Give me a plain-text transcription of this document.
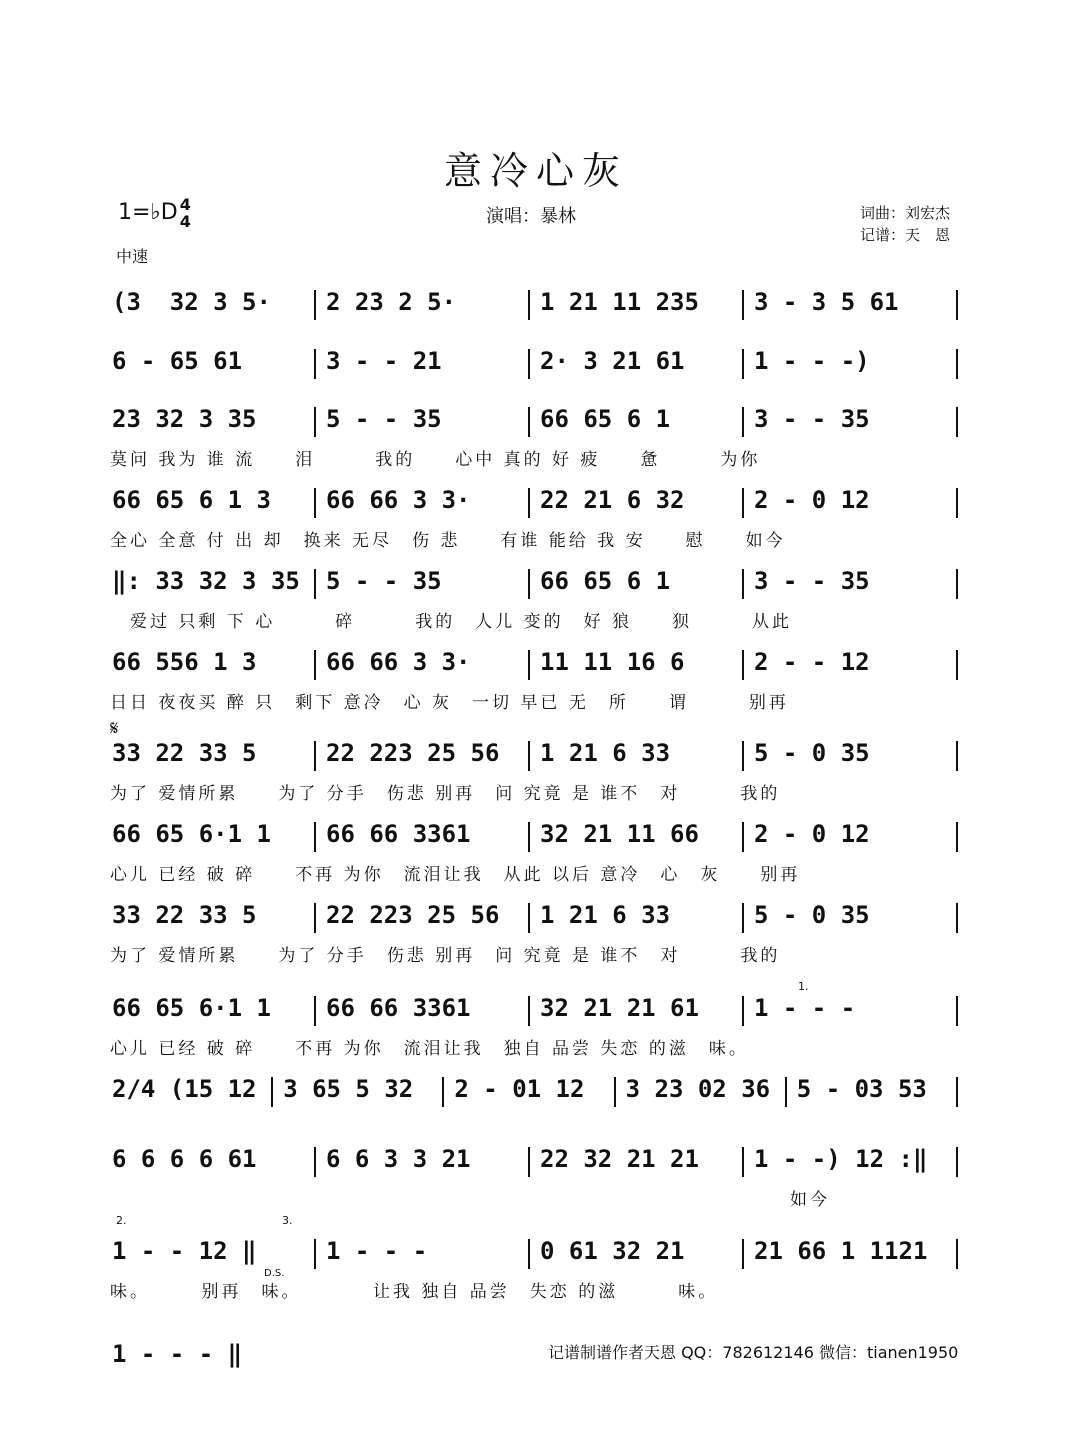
意冷心灰
1=♭D 4
4
中速
演唱：暴林	词曲：刘宏杰
记谱：天　恩
(3  32 3 5· 2 23 2 5·	1 21 11 235 3 - 3 5 61
6 - 65 61	3 - - 21	2· 3 21 61	1 - - -)
23 32 3 35	5 - - 35	66 65 6 1	3 - - 35
莫问 我为 谁 流　　泪　　　我的　　心中 真的 好 疲　　惫　　　为你
66 65 6 1 3 66 66 3 3·	22 21 6 32	2 - 0 12
全心 全意 付 出 却　换来 无尽　伤 悲　　有谁 能给 我 安　　慰　　如今
‖: 33 32 3 35 5 - - 35	66 65 6 1	3 - - 35
　爱过 只剩 下 心　　　碎　　　我的　人儿 变的　好 狼　　狈　　　从此
66 556 1 3	66 66 3 3·	11 11 16 6	2 - - 12
日日 夜夜买 醉 只　剩下 意冷　心 灰　一切 早已 无　所　　谓　　　别再
33 22 33 5	22 223 25 56 1 21 6 33	5 - 0 35
为了 爱情所累　　为了 分手　伤悲 别再　问 究竟 是 谁不　对　　　我的
66 65 6·1 1 66 66 3361	32 21 11 66 2 - 0 12
心儿 已经 破 碎　　不再 为你　流泪让我　从此 以后 意冷　心　灰　　别再
33 22 33 5	22 223 25 56 1 21 6 33	5 - 0 35
为了 爱情所累　　为了 分手　伤悲 别再　问 究竟 是 谁不　对　　　我的
66 65 6·1 1 66 66 3361	32 21 21 61 1 - - -
心儿 已经 破 碎　　不再 为你　流泪让我　独自 品尝 失恋 的滋　味。
2/4 (15 12 3 65 5 32 2 - 01 12 3 23 02 36 5 - 03 53
6 6 6 6 61	6 6 3 3 21	22 32 21 21 1 - -) 12 :‖
　　　　　　　　　　　　　　　　　　　　　　　　　　　　　　　　　　如今
1 - - 12 ‖	1 - - -	0 61 32 21	21 66 1 1121
味。　　　别再　味。　　　　让我 独自 品尝　失恋 的滋　　　味。
1 - - - ‖	记谱制谱作者天恩 QQ：782612146 微信：tianen1950
𝄋
1.
2.	3.
D.S.
